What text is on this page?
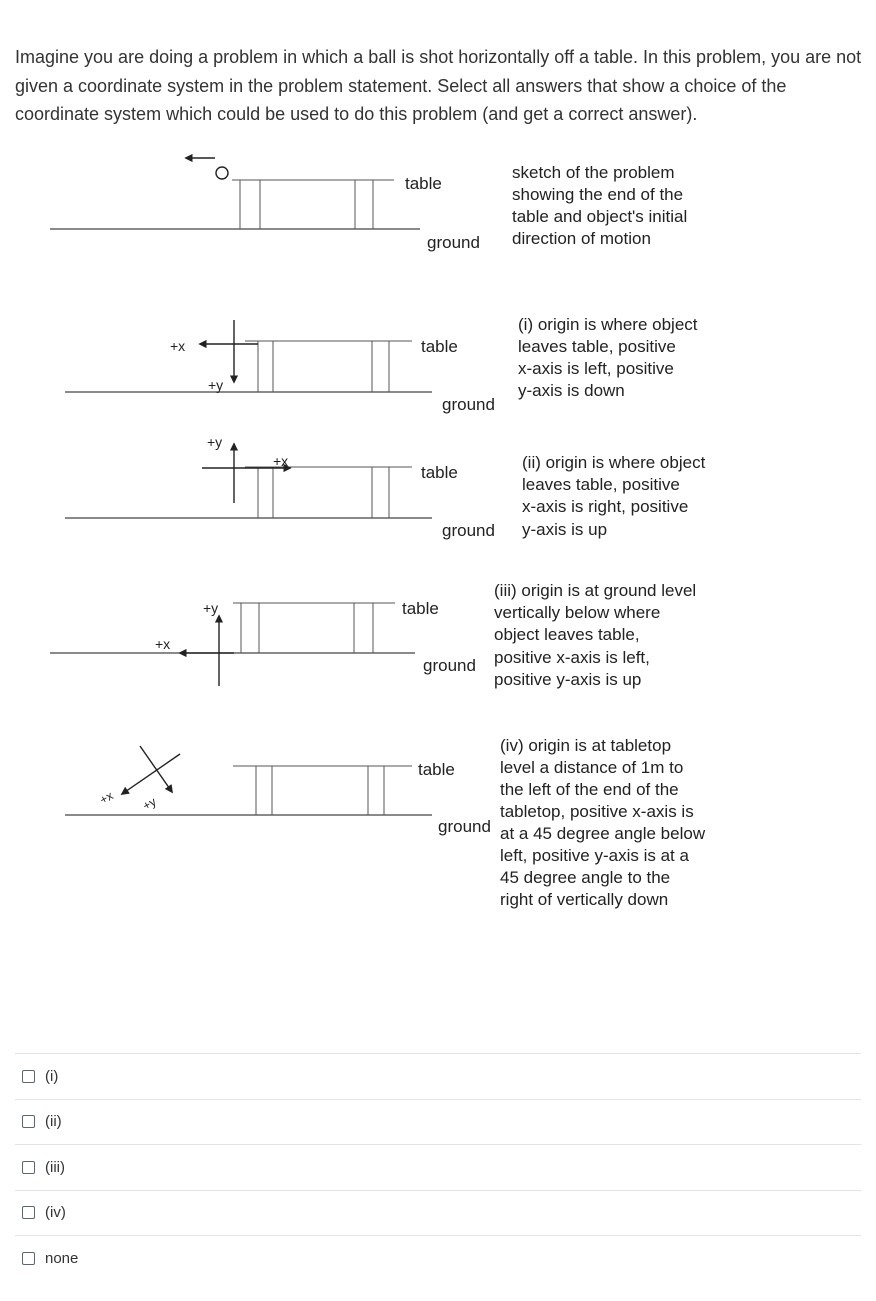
Imagine you are doing a problem in which a ball is shot horizontally off a table. In this problem, you are not given a coordinate system in the problem statement. Select all answers that show a choice of the coordinate system which could be used to do this problem (and get a correct answer).
table
ground
sketch of the problem
showing the end of the
table and object's initial
direction of motion
+x
+y
table
ground
(i) origin is where object
leaves table, positive
x-axis is left, positive
y-axis is down
+y
+x
table
ground
(ii) origin is where object
leaves table, positive
x-axis is right, positive
y-axis is up
+y
+x
table
ground
(iii) origin is at ground level
vertically below where
object leaves table,
positive x-axis is left,
positive y-axis is up
+x +y
table
ground
(iv) origin is at tabletop
level a distance of 1m to
the left of the end of the
tabletop, positive x-axis is
at a 45 degree angle below
left, positive y-axis is at a
45 degree angle to the
right of vertically down
(i)
(ii)
(iii)
(iv)
none
